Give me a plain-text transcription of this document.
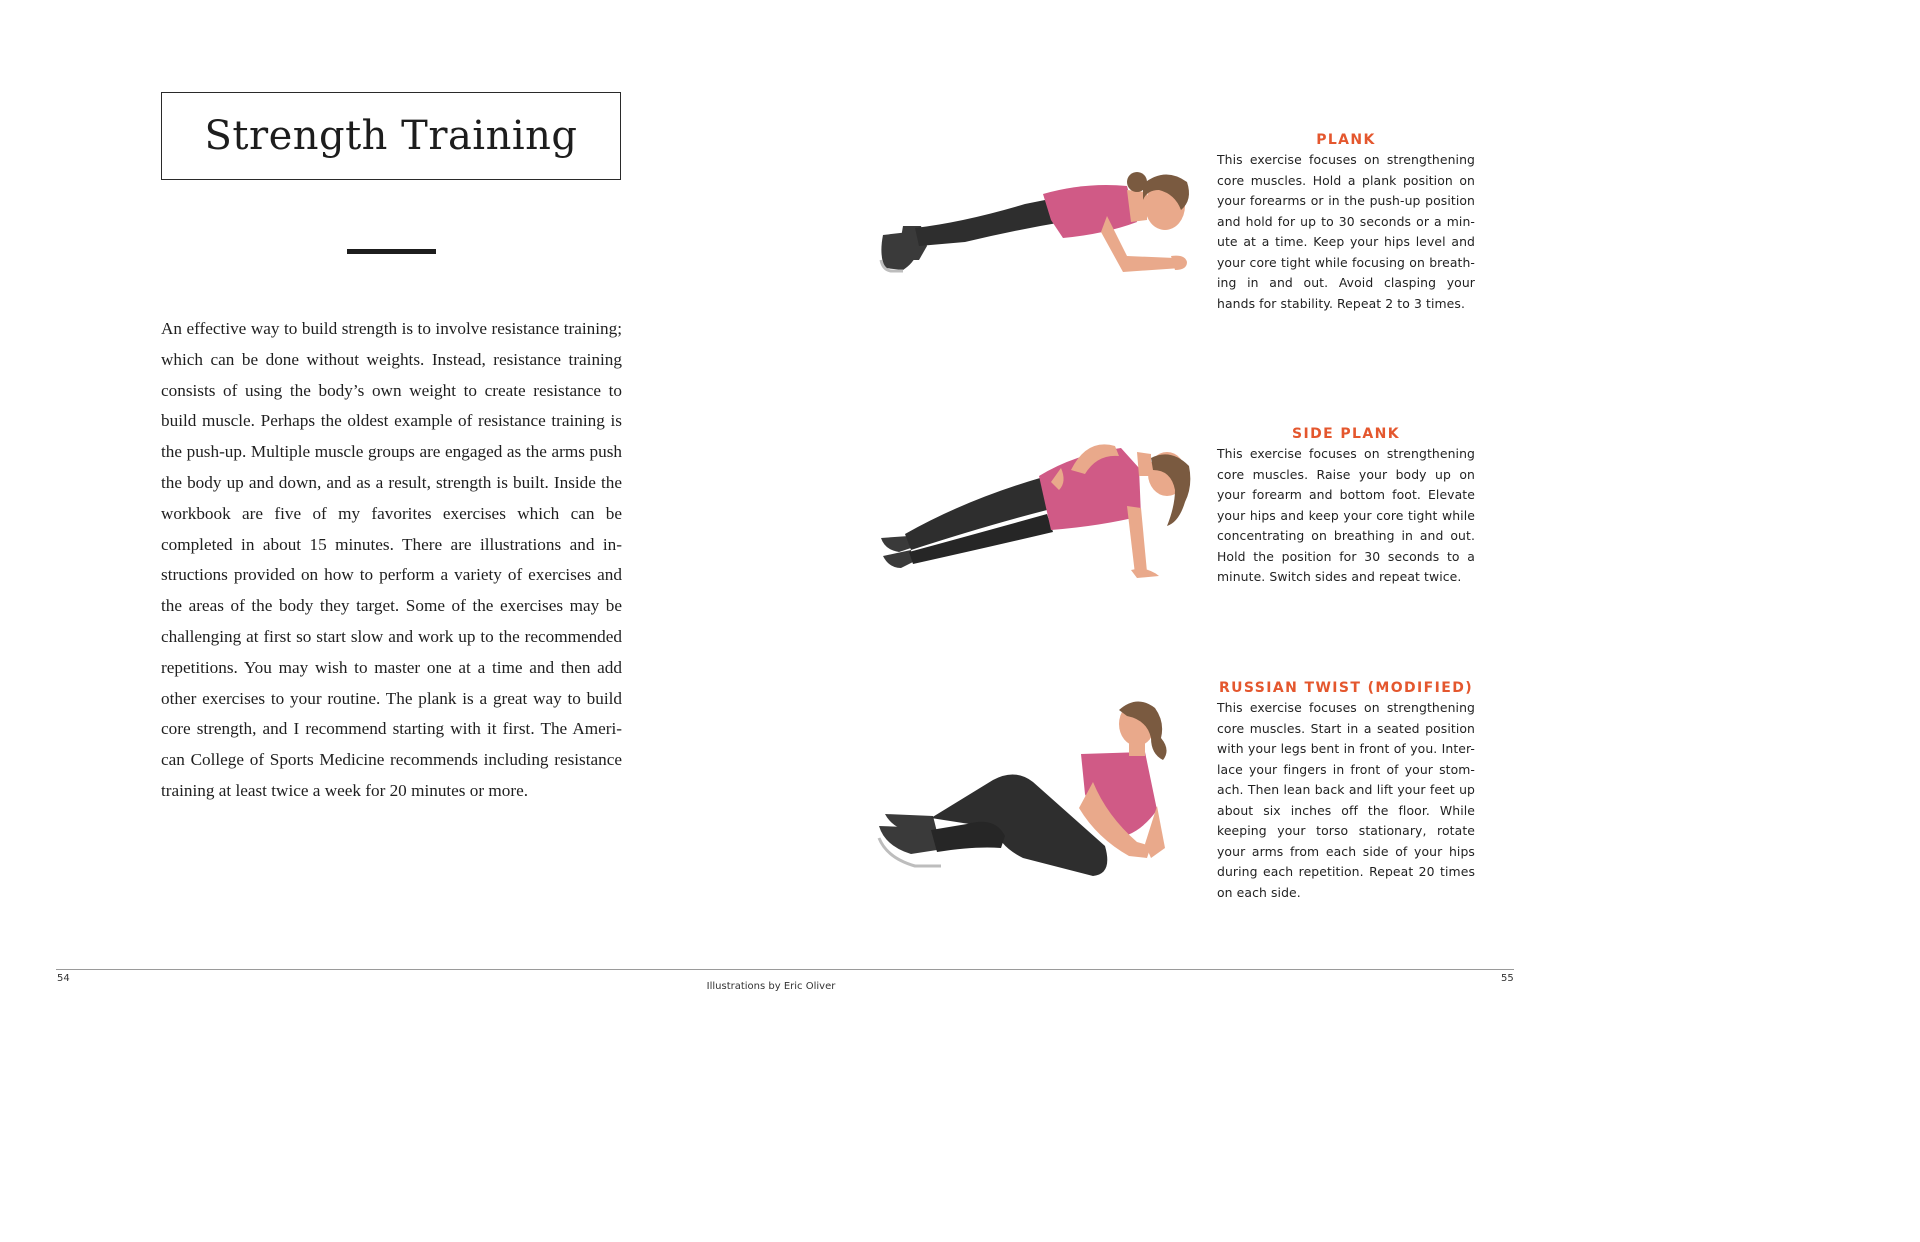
Strength Training

An effective way to build strength is to involve resistance training; which can be done without weights. Instead, resistance training consists of using the body’s own weight to create resistance to build muscle. Perhaps the oldest example of resistance training is the push-up. Multiple muscle groups are engaged as the arms push the body up and down, and as a result, strength is built. Inside the workbook are five of my favorites exercises which can be completed in about 15 minutes. There are illustrations and in-structions provided on how to perform a variety of exercises and the areas of the body they target. Some of the exercises may be challenging at first so start slow and work up to the recommended repetitions. You may wish to master one at a time and then add other exercises to your routine. The plank is a great way to build core strength, and I recommend starting with it first. The Ameri-can College of Sports Medicine recommends including resistance training at least twice a week for 20 minutes or more.

PLANK

This exercise focuses on strengthening core muscles. Hold a plank position on your forearms or in the push-up position and hold for up to 30 seconds or a min-ute at a time. Keep your hips level and your core tight while focusing on breath-ing in and out. Avoid clasping your hands for stability. Repeat 2 to 3 times.

SIDE PLANK

This exercise focuses on strengthening core muscles. Raise your body up on your forearm and bottom foot. Elevate your hips and keep your core tight while concentrating on breathing in and out. Hold the position for 30 seconds to a minute. Switch sides and repeat twice.

RUSSIAN TWIST (MODIFIED)

This exercise focuses on strengthening core muscles. Start in a seated position with your legs bent in front of you. Inter-lace your fingers in front of your stom-ach. Then lean back and lift your feet up about six inches off the floor. While keeping your torso stationary, rotate your arms from each side of your hips during each repetition. Repeat 20 times on each side.

54	55
Illustrations by Eric Oliver
